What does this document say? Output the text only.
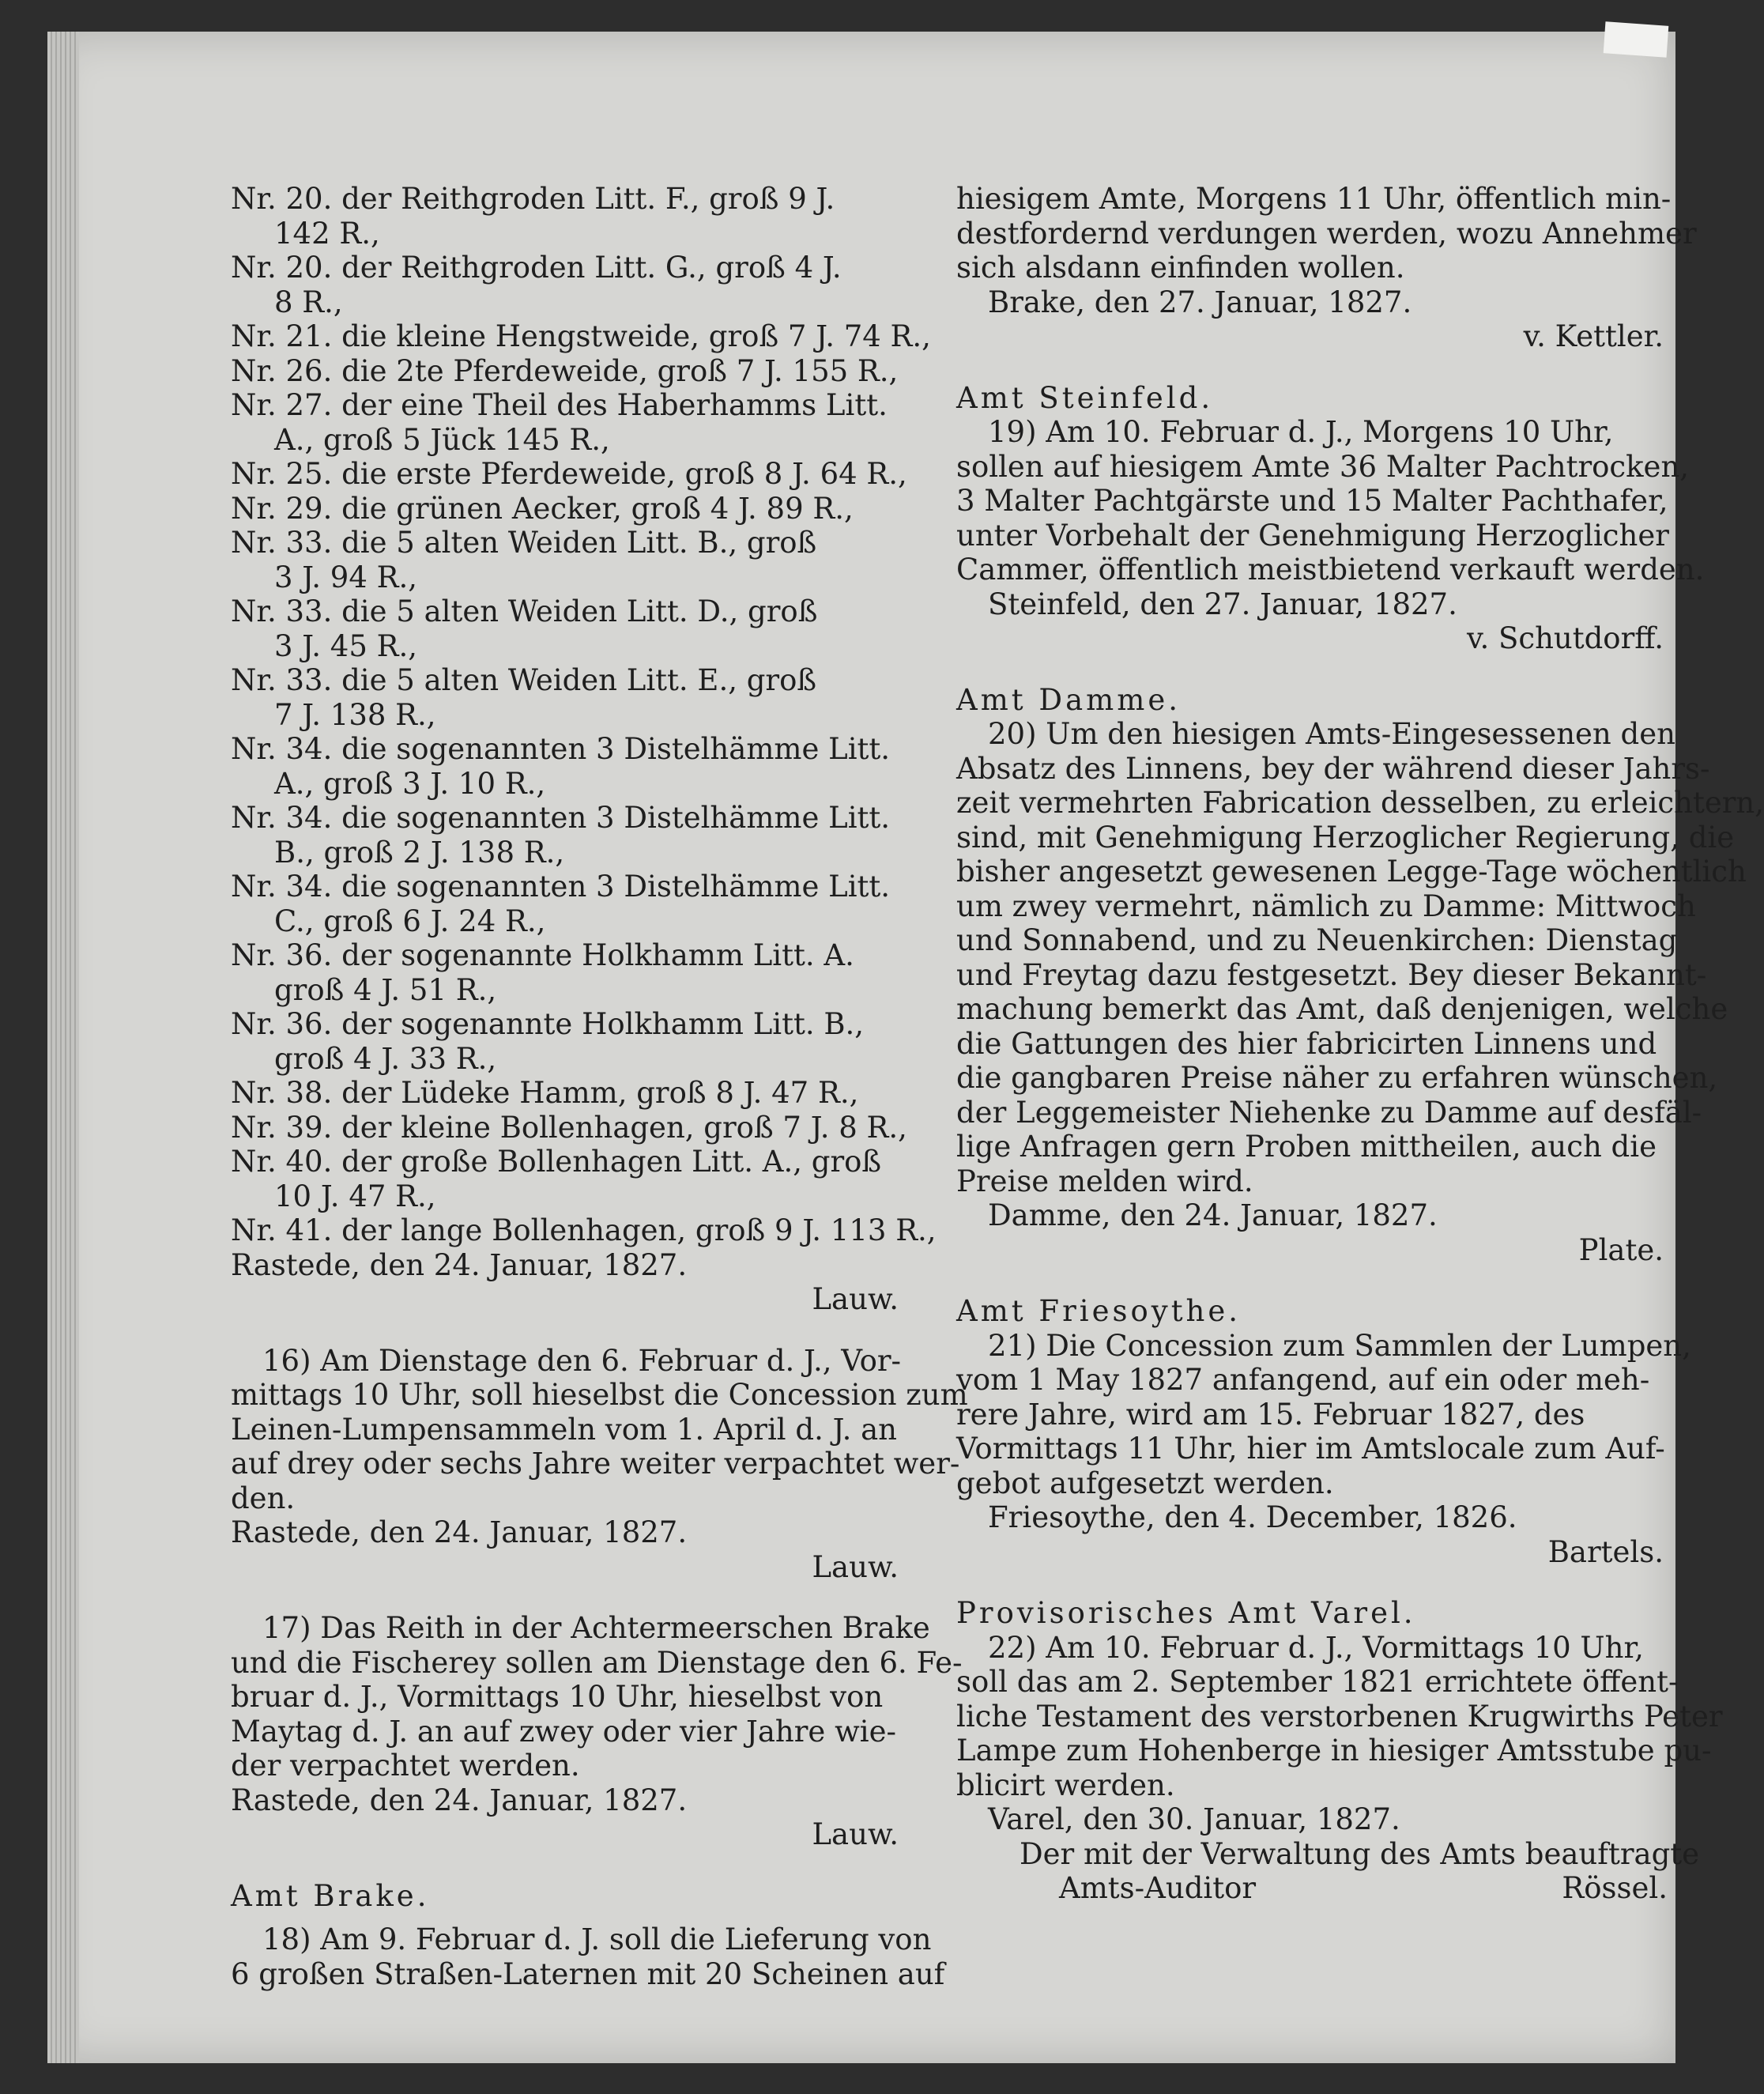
Nr. 20. der Reithgroden Litt. F., groß 9 J.
142 R.,
Nr. 20. der Reithgroden Litt. G., groß 4 J.
8 R.,
Nr. 21. die kleine Hengstweide, groß 7 J. 74 R.,
Nr. 26. die 2te Pferdeweide, groß 7 J. 155 R.,
Nr. 27. der eine Theil des Haberhamms Litt.
A., groß 5 Jück 145 R.,
Nr. 25. die erste Pferdeweide, groß 8 J. 64 R.,
Nr. 29. die grünen Aecker, groß 4 J. 89 R.,
Nr. 33. die 5 alten Weiden Litt. B., groß
3 J. 94 R.,
Nr. 33. die 5 alten Weiden Litt. D., groß
3 J. 45 R.,
Nr. 33. die 5 alten Weiden Litt. E., groß
7 J. 138 R.,
Nr. 34. die sogenannten 3 Distelhämme Litt.
A., groß 3 J. 10 R.,
Nr. 34. die sogenannten 3 Distelhämme Litt.
B., groß 2 J. 138 R.,
Nr. 34. die sogenannten 3 Distelhämme Litt.
C., groß 6 J. 24 R.,
Nr. 36. der sogenannte Holkhamm Litt. A.
groß 4 J. 51 R.,
Nr. 36. der sogenannte Holkhamm Litt. B.,
groß 4 J. 33 R.,
Nr. 38. der Lüdeke Hamm, groß 8 J. 47 R.,
Nr. 39. der kleine Bollenhagen, groß 7 J. 8 R.,
Nr. 40. der große Bollenhagen Litt. A., groß
10 J. 47 R.,
Nr. 41. der lange Bollenhagen, groß 9 J. 113 R.,
Rastede, den 24. Januar, 1827.
Lauw.
16) Am Dienstage den 6. Februar d. J., Vor-
mittags 10 Uhr, soll hieselbst die Concession zum
Leinen-Lumpensammeln vom 1. April d. J. an
auf drey oder sechs Jahre weiter verpachtet wer-
den.
Rastede, den 24. Januar, 1827.
Lauw.
17) Das Reith in der Achtermeerschen Brake
und die Fischerey sollen am Dienstage den 6. Fe-
bruar d. J., Vormittags 10 Uhr, hieselbst von
Maytag d. J. an auf zwey oder vier Jahre wie-
der verpachtet werden.
Rastede, den 24. Januar, 1827.
Lauw.
Amt Brake.
18) Am 9. Februar d. J. soll die Lieferung von
6 großen Straßen-Laternen mit 20 Scheinen auf
hiesigem Amte, Morgens 11 Uhr, öffentlich min-
destfordernd verdungen werden, wozu Annehmer
sich alsdann einfinden wollen.
Brake, den 27. Januar, 1827.
v. Kettler.
Amt Steinfeld.
19) Am 10. Februar d. J., Morgens 10 Uhr,
sollen auf hiesigem Amte 36 Malter Pachtrocken,
3 Malter Pachtgärste und 15 Malter Pachthafer,
unter Vorbehalt der Genehmigung Herzoglicher
Cammer, öffentlich meistbietend verkauft werden.
Steinfeld, den 27. Januar, 1827.
v. Schutdorff.
Amt Damme.
20) Um den hiesigen Amts-Eingesessenen den
Absatz des Linnens, bey der während dieser Jahrs-
zeit vermehrten Fabrication desselben, zu erleichtern,
sind, mit Genehmigung Herzoglicher Regierung, die
bisher angesetzt gewesenen Legge-Tage wöchentlich
um zwey vermehrt, nämlich zu Damme: Mittwoch
und Sonnabend, und zu Neuenkirchen: Dienstag
und Freytag dazu festgesetzt. Bey dieser Bekannt-
machung bemerkt das Amt, daß denjenigen, welche
die Gattungen des hier fabricirten Linnens und
die gangbaren Preise näher zu erfahren wünschen,
der Leggemeister Niehenke zu Damme auf desfäl-
lige Anfragen gern Proben mittheilen, auch die
Preise melden wird.
Damme, den 24. Januar, 1827.
Plate.
Amt Friesoythe.
21) Die Concession zum Sammlen der Lumpen,
vom 1 May 1827 anfangend, auf ein oder meh-
rere Jahre, wird am 15. Februar 1827, des
Vormittags 11 Uhr, hier im Amtslocale zum Auf-
gebot aufgesetzt werden.
Friesoythe, den 4. December, 1826.
Bartels.
Provisorisches Amt Varel.
22) Am 10. Februar d. J., Vormittags 10 Uhr,
soll das am 2. September 1821 errichtete öffent-
liche Testament des verstorbenen Krugwirths Peter
Lampe zum Hohenberge in hiesiger Amtsstube pu-
blicirt werden.
Varel, den 30. Januar, 1827.
Der mit der Verwaltung des Amts beauftragte
Amts-Auditor	Rössel.
